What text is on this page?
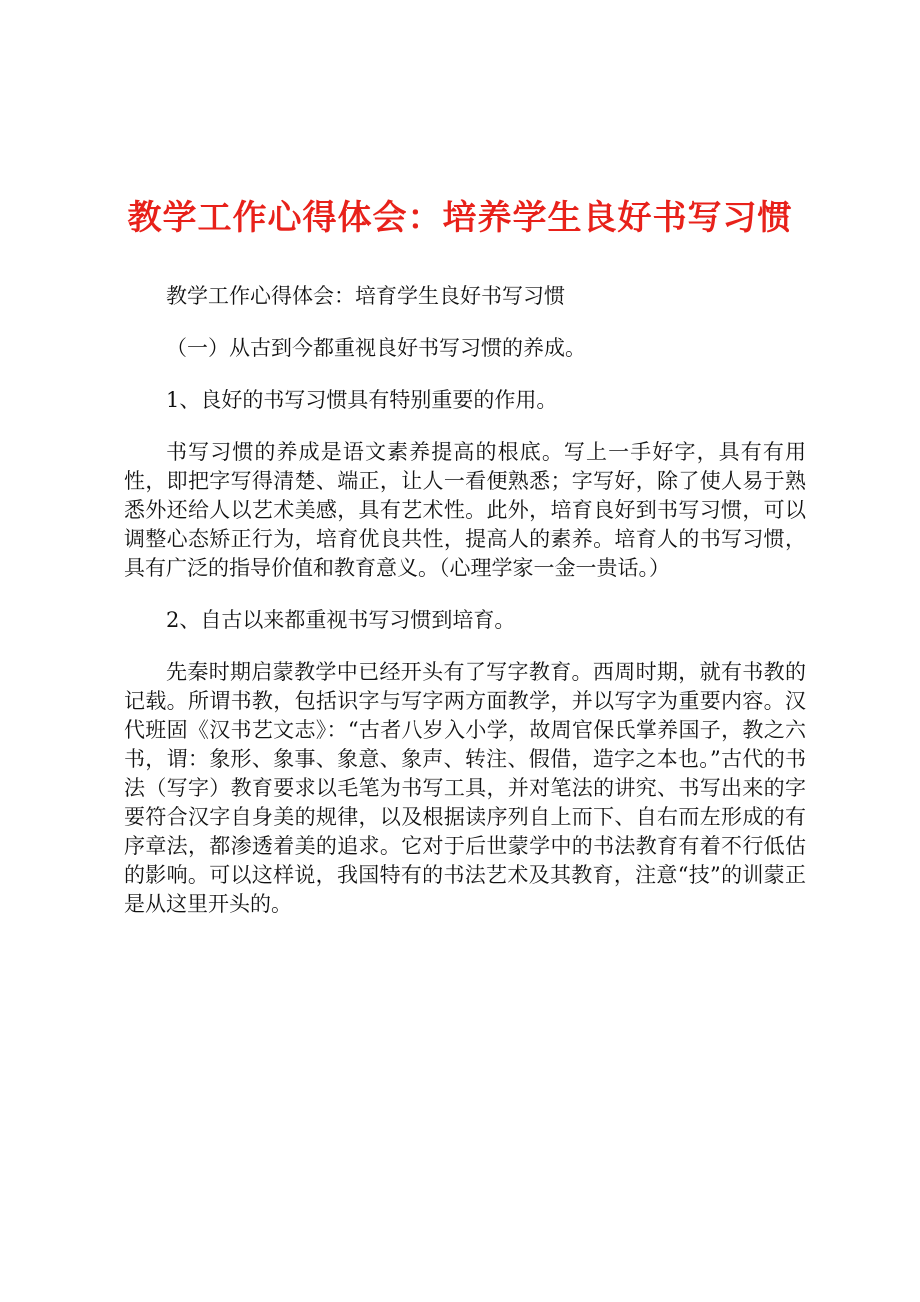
教学工作心得体会：培养学生良好书写习惯

教学工作心得体会：培育学生良好书写习惯

（一）从古到今都重视良好书写习惯的养成。

1、良好的书写习惯具有特别重要的作用。

书写习惯的养成是语文素养提高的根底。写上一手好字，具有有用性，即把字写得清楚、端正，让人一看便熟悉；字写好，除了使人易于熟悉外还给人以艺术美感，具有艺术性。此外，培育良好到书写习惯，可以调整心态矫正行为，培育优良共性，提高人的素养。培育人的书写习惯，具有广泛的指导价值和教育意义。（心理学家一金一贵话。）

2、自古以来都重视书写习惯到培育。

先秦时期启蒙教学中已经开头有了写字教育。西周时期，就有书教的记载。所谓书教，包括识字与写字两方面教学，并以写字为重要内容。汉代班固《汉书艺文志》：“古者八岁入小学，故周官保氏掌养国子，教之六书，谓：象形、象事、象意、象声、转注、假借，造字之本也。”古代的书法（写字）教育要求以毛笔为书写工具，并对笔法的讲究、书写出来的字要符合汉字自身美的规律，以及根据读序列自上而下、自右而左形成的有序章法，都渗透着美的追求。它对于后世蒙学中的书法教育有着不行低估的影响。可以这样说，我国特有的书法艺术及其教育，注意“技”的训蒙正是从这里开头的。
